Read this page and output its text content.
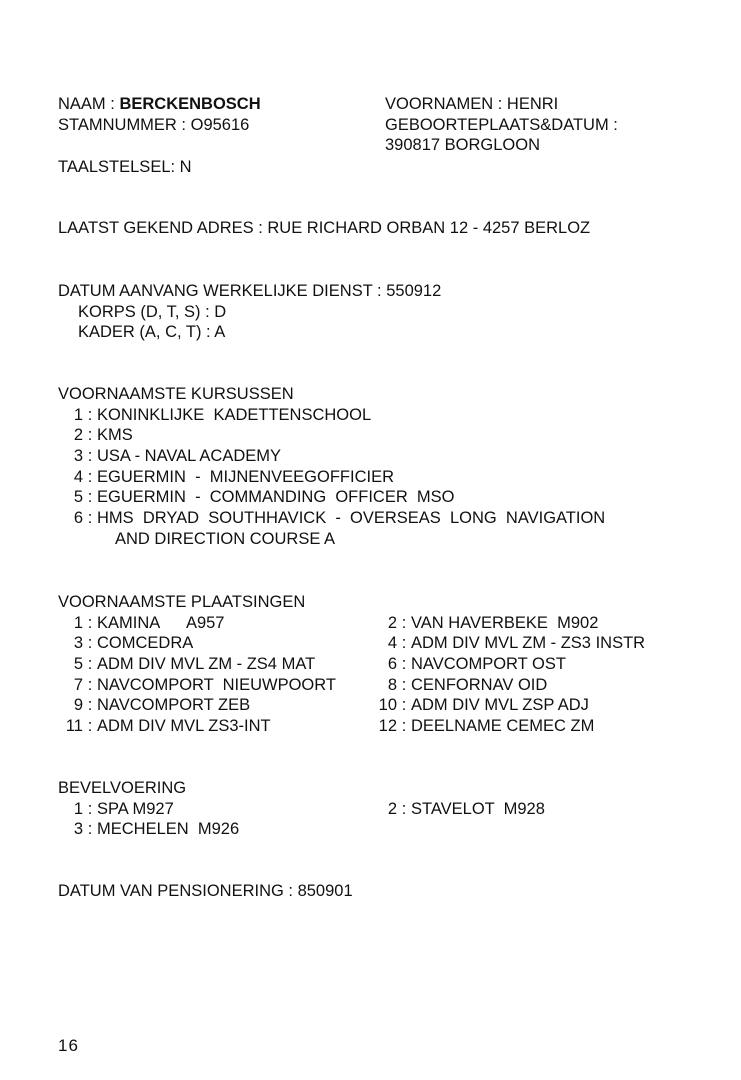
NAAM : BERCKENBOSCH	VOORNAMEN : HENRI
STAMNUMMER : O95616	GEBOORTEPLAATS&DATUM :
390817 BORGLOON
TAALSTELSEL: N
LAATST GEKEND ADRES : RUE RICHARD ORBAN 12 - 4257 BERLOZ
DATUM AANVANG WERKELIJKE DIENST : 550912
KORPS (D, T, S) : D
KADER (A, C, T) : A
VOORNAAMSTE KURSUSSEN
1 : KONINKLIJKE  KADETTENSCHOOL
2 : KMS
3 : USA - NAVAL ACADEMY
4 : EGUERMIN  -  MIJNENVEEGOFFICIER
5 : EGUERMIN  -  COMMANDING  OFFICER  MSO
6 : HMS  DRYAD  SOUTHHAVICK  -  OVERSEAS  LONG  NAVIGATION
AND DIRECTION COURSE A
VOORNAAMSTE PLAATSINGEN
1 : KAMINA      A957	2 : VAN HAVERBEKE  M902
3 : COMCEDRA	4 : ADM DIV MVL ZM - ZS3 INSTR
5 : ADM DIV MVL ZM - ZS4 MAT	6 : NAVCOMPORT OST
7 : NAVCOMPORT  NIEUWPOORT	8 : CENFORNAV OID
9 : NAVCOMPORT ZEB	10 : ADM DIV MVL ZSP ADJ
11 : ADM DIV MVL ZS3-INT	12 : DEELNAME CEMEC ZM
BEVELVOERING
1 : SPA M927	2 : STAVELOT  M928
3 : MECHELEN  M926
DATUM VAN PENSIONERING : 850901
16
